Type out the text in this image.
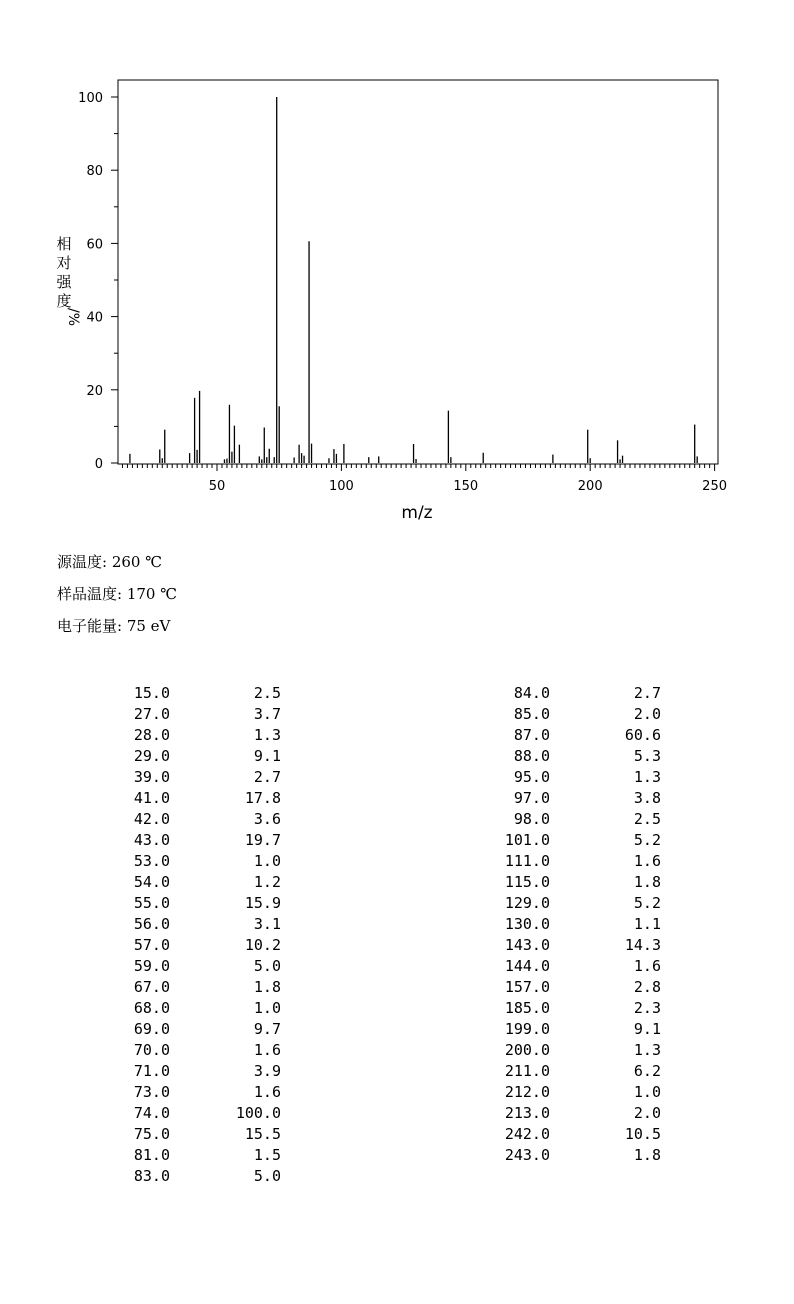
50	100	150	200	250
0
20
40
60
80
100
m/z
相
对
强
度
/%
源温度: 260 ℃
样品温度: 170 ℃
电子能量: 75 eV
15.0	2.5
27.0	3.7
28.0	1.3
29.0	9.1
39.0	2.7
41.0	17.8
42.0	3.6
43.0	19.7
53.0	1.0
54.0	1.2
55.0	15.9
56.0	3.1
57.0	10.2
59.0	5.0
67.0	1.8
68.0	1.0
69.0	9.7
70.0	1.6
71.0	3.9
73.0	1.6
74.0	100.0
75.0	15.5
81.0	1.5
83.0	5.0
84.0	2.7
85.0	2.0
87.0	60.6
88.0	5.3
95.0	1.3
97.0	3.8
98.0	2.5
101.0	5.2
111.0	1.6
115.0	1.8
129.0	5.2
130.0	1.1
143.0	14.3
144.0	1.6
157.0	2.8
185.0	2.3
199.0	9.1
200.0	1.3
211.0	6.2
212.0	1.0
213.0	2.0
242.0	10.5
243.0	1.8
